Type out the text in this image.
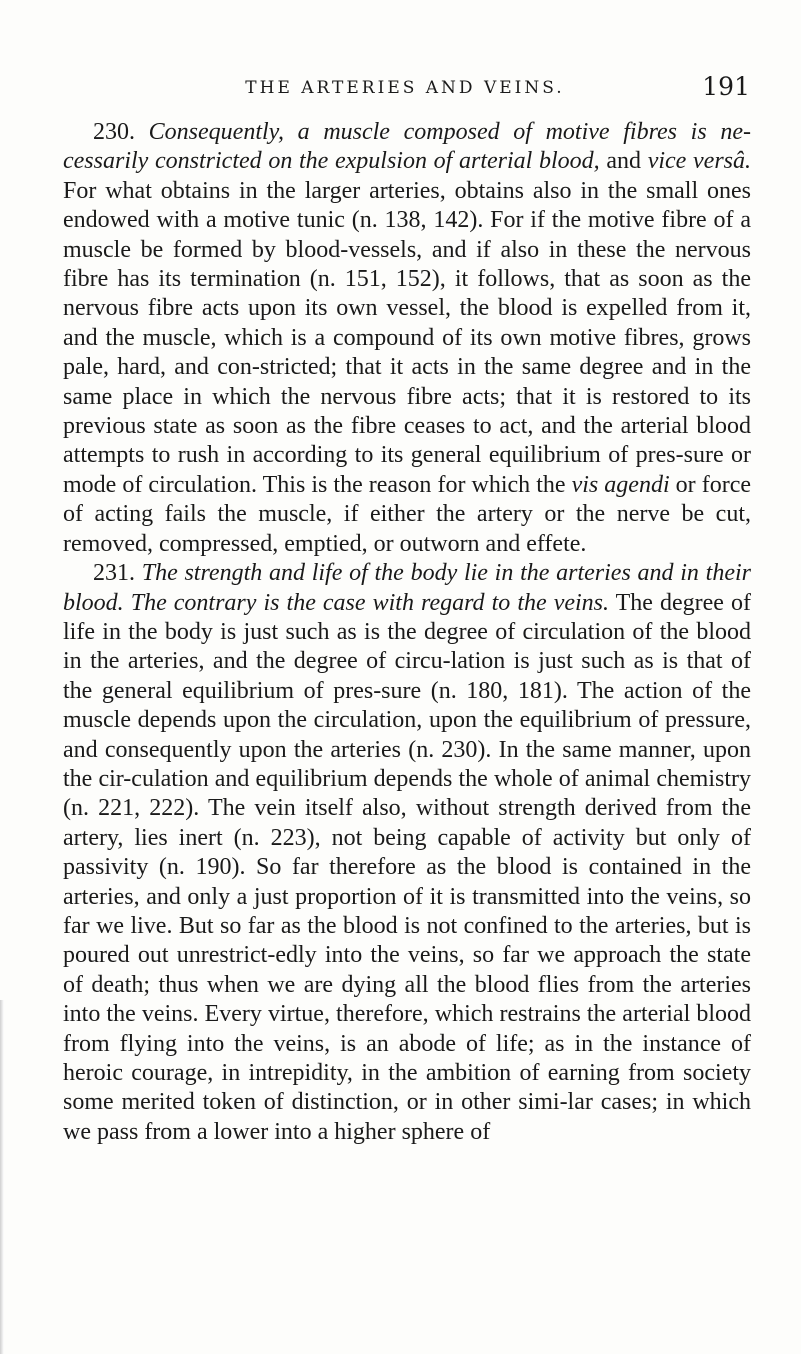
THE ARTERIES AND VEINS.	191

230. Consequently, a muscle composed of motive fibres is ne-cessarily constricted on the expulsion of arterial blood, and vice versâ. For what obtains in the larger arteries, obtains also in the small ones endowed with a motive tunic (n. 138, 142). For if the motive fibre of a muscle be formed by blood-vessels, and if also in these the nervous fibre has its termination (n. 151, 152), it follows, that as soon as the nervous fibre acts upon its own vessel, the blood is expelled from it, and the muscle, which is a compound of its own motive fibres, grows pale, hard, and con-stricted; that it acts in the same degree and in the same place in which the nervous fibre acts; that it is restored to its previous state as soon as the fibre ceases to act, and the arterial blood attempts to rush in according to its general equilibrium of pres-sure or mode of circulation. This is the reason for which the vis agendi or force of acting fails the muscle, if either the artery or the nerve be cut, removed, compressed, emptied, or outworn and effete.

231. The strength and life of the body lie in the arteries and in their blood. The contrary is the case with regard to the veins. The degree of life in the body is just such as is the degree of circulation of the blood in the arteries, and the degree of circu-lation is just such as is that of the general equilibrium of pres-sure (n. 180, 181). The action of the muscle depends upon the circulation, upon the equilibrium of pressure, and consequently upon the arteries (n. 230). In the same manner, upon the cir-culation and equilibrium depends the whole of animal chemistry (n. 221, 222). The vein itself also, without strength derived from the artery, lies inert (n. 223), not being capable of activity but only of passivity (n. 190). So far therefore as the blood is contained in the arteries, and only a just proportion of it is transmitted into the veins, so far we live. But so far as the blood is not confined to the arteries, but is poured out unrestrict-edly into the veins, so far we approach the state of death; thus when we are dying all the blood flies from the arteries into the veins. Every virtue, therefore, which restrains the arterial blood from flying into the veins, is an abode of life; as in the instance of heroic courage, in intrepidity, in the ambition of earning from society some merited token of distinction, or in other simi-lar cases; in which we pass from a lower into a higher sphere of
